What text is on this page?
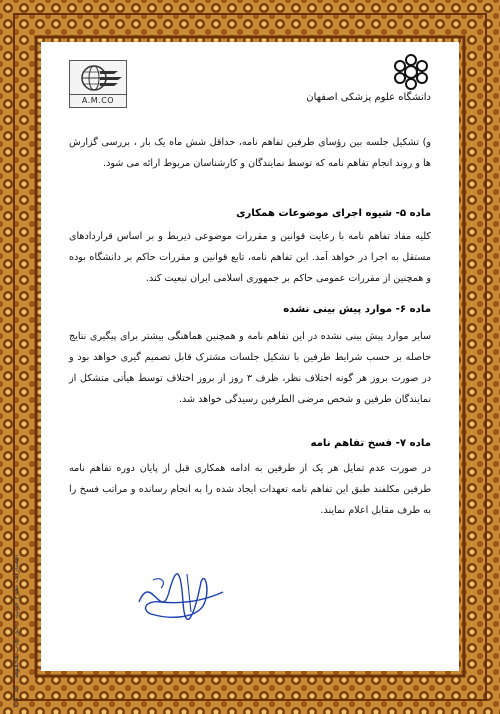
A.M.CO	دانشگاه علوم پزشکی اصفهان
و) تشکیل جلسه بین رؤسای طرفین تفاهم نامه، حداقل شش ماه یک بار ، بررسی گزارش ها و روند انجام تفاهم نامه که توسط نمایندگان و کارشناسان مربوط ارائه می شود.
ماده ۵- شیوه اجرای موضوعات همکاری
کلیه مفاد تفاهم نامه با رعایت قوانین و مقررات موضوعی ذیربط و بر اساس قراردادهای مستقل به اجرا در خواهد آمد. این تفاهم نامه، تابع قوانین و مقررات حاکم بر دانشگاه بوده و همچنین از مقررات عمومی حاکم بر جمهوری اسلامی ایران تبعیت کند.
ماده ۶- موارد پیش بینی نشده
سایر موارد پیش بینی نشده در این تفاهم نامه و همچنین هماهنگی بیشتر برای پیگیری نتایج حاصله بر حسب شرایط طرفین با تشکیل جلسات مشترک قابل تصمیم گیری خواهد بود و در صورت بروز هر گونه اختلاف نظر، ظرف ۳ روز از بروز اختلاف توسط هیأتی متشکل از نمایندگان طرفین و شخص مرضی الطرفین رسیدگی خواهد شد.
ماده ۷- فسخ تفاهم نامه
در صورت عدم تمایل هر یک از طرفین به ادامه همکاری قبل از پایان دوره تفاهم نامه طرفین مکلفند طبق این تفاهم نامه تعهدات ایجاد شده را به انجام رسانده و مراتب فسخ را به طرف مقابل اعلام نمایند.
انتشارات طرح فرنیه - حق چاپ محفوظ . کد ۲۱۳
